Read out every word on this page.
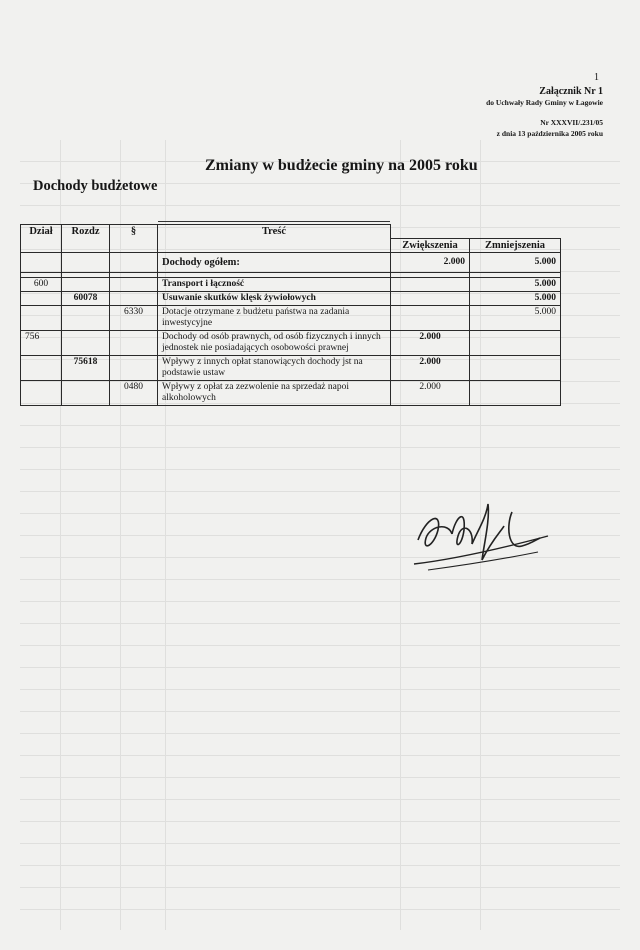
1
Załącznik Nr 1
do Uchwały Rady Gminy w Łagowie
Nr XXXVII/.231/05
z dnia 13 października 2005 roku
Zmiany w budżecie gminy na 2005 roku
Dochody budżetowe
Dział	Rozdz	§	Treść		
				Zwiększenia	Zmniejszenia
			Dochody ogółem:	2.000	5.000

600			Transport i łączność		5.000
	60078		Usuwanie skutków klęsk żywiołowych		5.000
		6330	Dotacje otrzymane z budżetu państwa na zadania inwestycyjne		5.000
756			Dochody od osób prawnych, od osób fizycznych i innych jednostek nie posiadających osobowości prawnej	2.000	
	75618		Wpływy z innych opłat stanowiących dochody jst na podstawie ustaw	2.000	
		0480	Wpływy z opłat za zezwolenie na sprzedaż napoi alkoholowych	2.000	
